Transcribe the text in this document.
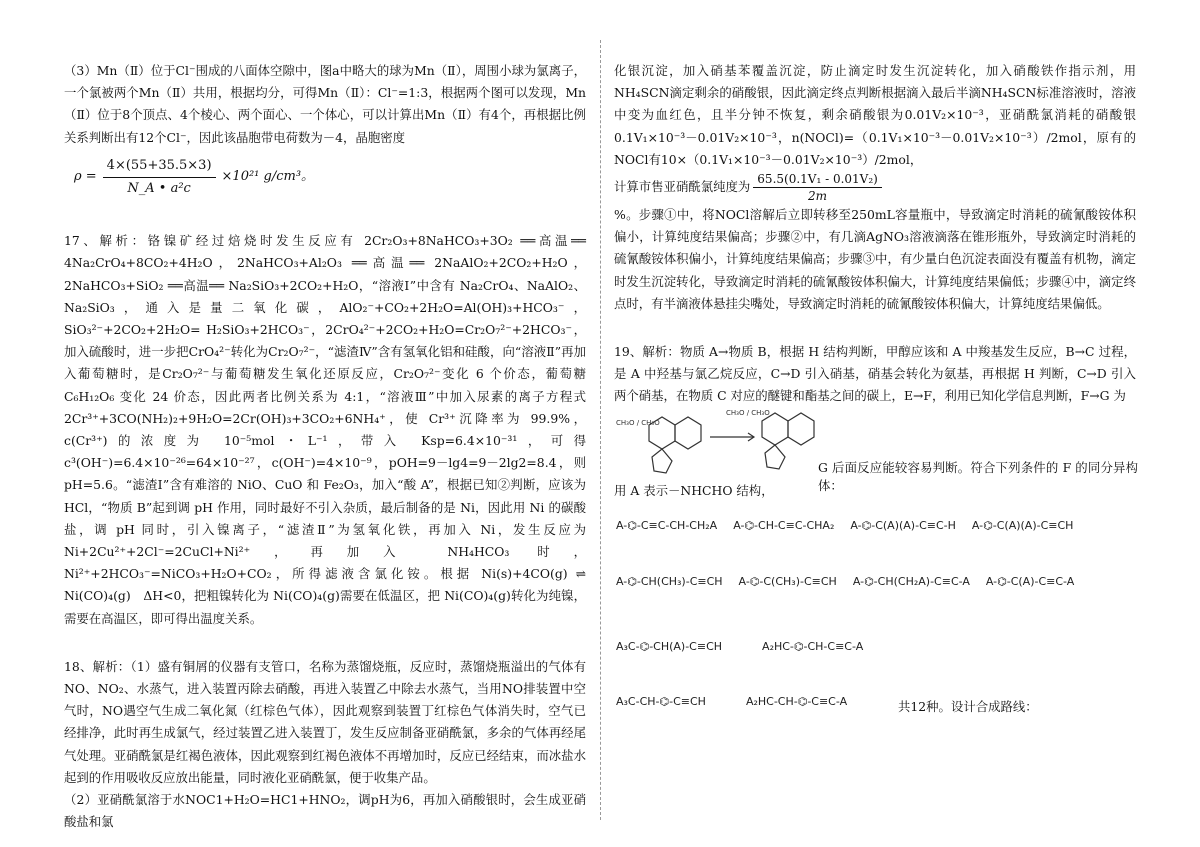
（3）Mn（Ⅱ）位于Cl⁻围成的八面体空隙中，图a中略大的球为Mn（Ⅱ），周围小球为氯离子，一个氯被两个Mn（Ⅱ）共用，根据均分，可得Mn（Ⅱ）：Cl⁻=1:3，根据两个图可以发现，Mn（Ⅱ）位于8个顶点、4个棱心、两个面心、一个体心，可以计算出Mn（Ⅱ）有4个，再根据比例关系判断出有12个Cl⁻，因此该晶胞带电荷数为－4，晶胞密度

$\rho = \frac{4\times(55+35.5\times 3)}{\text{N\_A • a²c}} \times 10^{21}$ g/cm³。

17、解析：铬镍矿经过焙烧时发生反应有 2Cr₂O₃+8NaHCO₃+3O₂ ══高温══ 4Na₂CrO₄+8CO₂+4H₂O，2NaHCO₃+Al₂O₃ ══高温══ 2NaAlO₂+2CO₂+H₂O，2NaHCO₃+SiO₂ ══高温══ Na₂SiO₃+2CO₂+H₂O，“溶液Ⅰ”中含有 Na₂CrO₄、NaAlO₂、Na₂SiO₃，通入是量二氧化碳，AlO₂⁻+CO₂+2H₂O=Al(OH)₃+HCO₃⁻，SiO₃²⁻+2CO₂+2H₂O= H₂SiO₃+2HCO₃⁻，2CrO₄²⁻+2CO₂+H₂O=Cr₂O₇²⁻+2HCO₃⁻，加入硫酸时，进一步把CrO₄²⁻转化为Cr₂O₇²⁻，“滤渣Ⅳ”含有氢氧化铝和硅酸，向“溶液Ⅱ”再加入葡萄糖时，是Cr₂O₇²⁻与葡萄糖发生氧化还原反应，Cr₂O₇²⁻变化 6 个价态，葡萄糖 C₆H₁₂O₆ 变化 24 价态，因此两者比例关系为 4:1，“溶液Ⅲ”中加入尿素的离子方程式 2Cr³⁺+3CO(NH₂)₂+9H₂O=2Cr(OH)₃+3CO₂+6NH₄⁺，使 Cr³⁺沉降率为 99.9%，c(Cr³⁺)的浓度为 10⁻⁵mol・L⁻¹，带入 Ksp=6.4×10⁻³¹，可得 c³(OH⁻)=6.4×10⁻²⁶=64×10⁻²⁷，c(OH⁻)=4×10⁻⁹，pOH=9－lg4=9－2lg2=8.4，则 pH=5.6。“滤渣Ⅰ”含有难溶的 NiO、CuO 和 Fe₂O₃，加入“酸 A”，根据已知②判断，应该为 HCl，“物质 B”起到调 pH 作用，同时最好不引入杂质，最后制备的是 Ni，因此用 Ni 的碳酸盐，调 pH 同时，引入镍离子，“滤渣Ⅱ”为氢氧化铁，再加入 Ni，发生反应为 Ni+2Cu²⁺+2Cl⁻=2CuCl+Ni²⁺，再加入 NH₄HCO₃ 时，Ni²⁺+2HCO₃⁻=NiCO₃+H₂O+CO₂，所得滤液含氯化铵。根据 Ni(s)+4CO(g) ⇌ Ni(CO)₄(g)　ΔH<0，把粗镍转化为 Ni(CO)₄(g)需要在低温区，把 Ni(CO)₄(g)转化为纯镍，需要在高温区，即可得出温度关系。

18、解析：（1）盛有铜屑的仪器有支管口，名称为蒸馏烧瓶，反应时，蒸馏烧瓶溢出的气体有NO、NO₂、水蒸气，进入装置丙除去硝酸，再进入装置乙中除去水蒸气，当用NO排装置中空气时，NO遇空气生成二氧化氮（红棕色气体），因此观察到装置丁红棕色气体消失时，空气已经排净，此时再生成氯气，经过装置乙进入装置丁，发生反应制备亚硝酰氯，多余的气体再经尾气处理。亚硝酰氯是红褐色液体，因此观察到红褐色液体不再增加时，反应已经结束，而冰盐水起到的作用吸收反应放出能量，同时液化亚硝酰氯，便于收集产品。

（2）亚硝酰氯溶于水NOC1+H₂O=HC1+HNO₂，调pH为6，再加入硝酸银时，会生成亚硝酸盐和氯

化银沉淀，加入硝基苯覆盖沉淀，防止滴定时发生沉淀转化，加入硝酸铁作指示剂，用NH₄SCN滴定剩余的硝酸银，因此滴定终点判断根据滴入最后半滴NH₄SCN标准溶液时，溶液中变为血红色，且半分钟不恢复，剩余硝酸银为0.01V₂×10⁻³，亚硝酰氯消耗的硝酸银0.1V₁×10⁻³－0.01V₂×10⁻³，n(NOCl)=（0.1V₁×10⁻³－0.01V₂×10⁻³）/2mol，原有的NOCl有10×（0.1V₁×10⁻³－0.01V₂×10⁻³）/2mol，

计算市售亚硝酰氯纯度为 $\frac{\text{65.5(0.1V₁ - 0.01V₂)}}{2m}$

%。步骤①中，将NOCl溶解后立即转移至250mL容量瓶中，导致滴定时消耗的硫氰酸铵体积偏小，计算纯度结果偏高；步骤②中，有几滴AgNO₃溶液滴落在锥形瓶外，导致滴定时消耗的硫氰酸铵体积偏小，计算纯度结果偏高；步骤③中，有少量白色沉淀表面没有覆盖有机物，滴定时发生沉淀转化，导致滴定时消耗的硫氰酸铵体积偏大，计算纯度结果偏低；步骤④中，滴定终点时，有半滴液体悬挂尖嘴处，导致滴定时消耗的硫氰酸铵体积偏大，计算纯度结果偏低。

19、解析：物质 A→物质 B，根据 H 结构判断，甲醇应该和 A 中羧基发生反应，B→C 过程，是 A 中羟基与氯乙烷反应，C→D 引入硝基，硝基会转化为氨基，再根据 H 判断，C→D 引入两个硝基，在物质 C 对应的醚键和酯基之间的碳上，E→F，利用已知化学信息判断，F→G 为

CH₃O / CH₃O
CH₃O / CH₃O

G 后面反应能较容易判断。符合下列条件的 F 的同分异构体：

用 A 表示－NHCHO 结构，

A-⌬-C≡C-CH-CH₂A A-⌬-CH-C≡C-CHA₂ A-⌬-C(A)(A)-C≡C-H A-⌬-C(A)(A)-C≡CH
A-⌬-CH(CH₃)-C≡CH A-⌬-C(CH₃)-C≡CH A-⌬-CH(CH₂A)-C≡C-A A-⌬-C(A)-C≡C-A
A₃C-⌬-CH(A)-C≡CH	A₂HC-⌬-CH-C≡C-A
A₃C-CH-⌬-C≡CH	A₂HC-CH-⌬-C≡C-A	共12种。设计合成路线：
